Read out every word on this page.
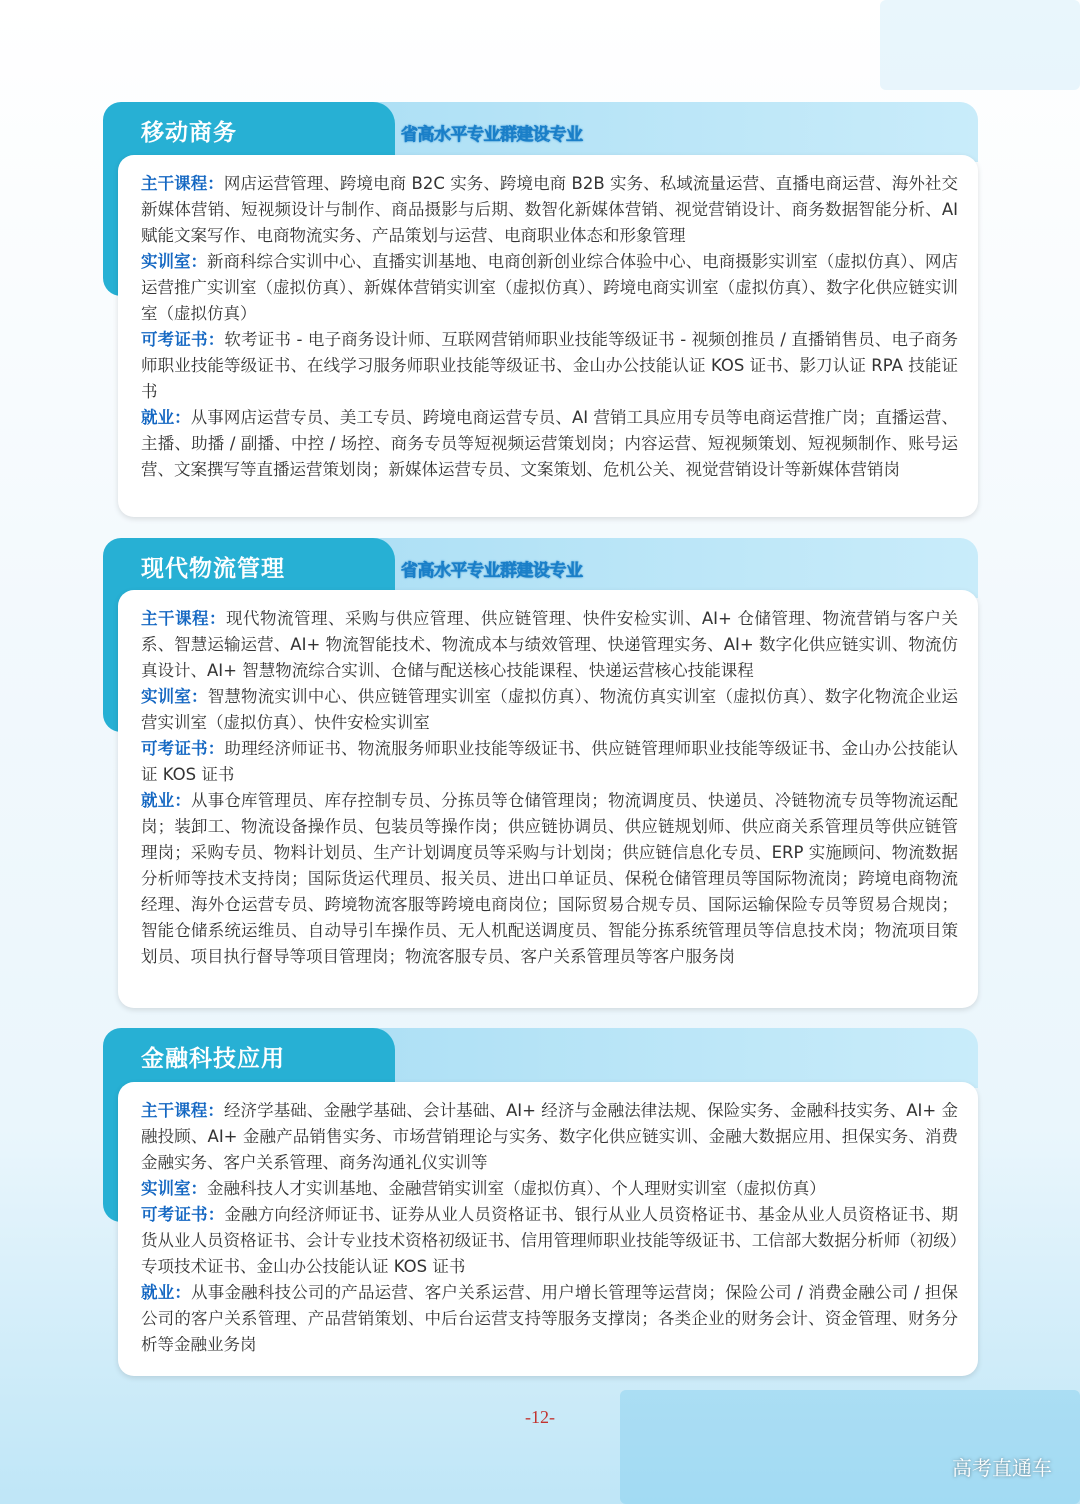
移动商务	省高水平专业群建设专业

主干课程：网店运营管理、跨境电商 B2C 实务、跨境电商 B2B 实务、私域流量运营、直播电商运营、海外社交新媒体营销、短视频设计与制作、商品摄影与后期、数智化新媒体营销、视觉营销设计、商务数据智能分析、AI 赋能文案写作、电商物流实务、产品策划与运营、电商职业体态和形象管理

实训室：新商科综合实训中心、直播实训基地、电商创新创业综合体验中心、电商摄影实训室（虚拟仿真）、网店运营推广实训室（虚拟仿真）、新媒体营销实训室（虚拟仿真）、跨境电商实训室（虚拟仿真）、数字化供应链实训室（虚拟仿真）

可考证书：软考证书 - 电子商务设计师、互联网营销师职业技能等级证书 - 视频创推员 / 直播销售员、电子商务师职业技能等级证书、在线学习服务师职业技能等级证书、金山办公技能认证 KOS 证书、影刀认证 RPA 技能证书

就业：从事网店运营专员、美工专员、跨境电商运营专员、AI 营销工具应用专员等电商运营推广岗；直播运营、主播、助播 / 副播、中控 / 场控、商务专员等短视频运营策划岗；内容运营、短视频策划、短视频制作、账号运营、文案撰写等直播运营策划岗；新媒体运营专员、文案策划、危机公关、视觉营销设计等新媒体营销岗

现代物流管理	省高水平专业群建设专业

主干课程：现代物流管理、采购与供应管理、供应链管理、快件安检实训、AI+ 仓储管理、物流营销与客户关系、智慧运输运营、AI+ 物流智能技术、物流成本与绩效管理、快递管理实务、AI+ 数字化供应链实训、物流仿真设计、AI+ 智慧物流综合实训、仓储与配送核心技能课程、快递运营核心技能课程

实训室：智慧物流实训中心、供应链管理实训室（虚拟仿真）、物流仿真实训室（虚拟仿真）、数字化物流企业运营实训室（虚拟仿真）、快件安检实训室

可考证书：助理经济师证书、物流服务师职业技能等级证书、供应链管理师职业技能等级证书、金山办公技能认证 KOS 证书

就业：从事仓库管理员、库存控制专员、分拣员等仓储管理岗；物流调度员、快递员、冷链物流专员等物流运配岗；装卸工、物流设备操作员、包装员等操作岗；供应链协调员、供应链规划师、供应商关系管理员等供应链管理岗；采购专员、物料计划员、生产计划调度员等采购与计划岗；供应链信息化专员、ERP 实施顾问、物流数据分析师等技术支持岗；国际货运代理员、报关员、进出口单证员、保税仓储管理员等国际物流岗；跨境电商物流经理、海外仓运营专员、跨境物流客服等跨境电商岗位；国际贸易合规专员、国际运输保险专员等贸易合规岗；智能仓储系统运维员、自动导引车操作员、无人机配送调度员、智能分拣系统管理员等信息技术岗；物流项目策划员、项目执行督导等项目管理岗；物流客服专员、客户关系管理员等客户服务岗

金融科技应用

主干课程：经济学基础、金融学基础、会计基础、AI+ 经济与金融法律法规、保险实务、金融科技实务、AI+ 金融投顾、AI+ 金融产品销售实务、市场营销理论与实务、数字化供应链实训、金融大数据应用、担保实务、消费金融实务、客户关系管理、商务沟通礼仪实训等

实训室：金融科技人才实训基地、金融营销实训室（虚拟仿真）、个人理财实训室（虚拟仿真）

可考证书：金融方向经济师证书、证券从业人员资格证书、银行从业人员资格证书、基金从业人员资格证书、期货从业人员资格证书、会计专业技术资格初级证书、信用管理师职业技能等级证书、工信部大数据分析师（初级）专项技术证书、金山办公技能认证 KOS 证书

就业：从事金融科技公司的产品运营、客户关系运营、用户增长管理等运营岗；保险公司 / 消费金融公司 / 担保公司的客户关系管理、产品营销策划、中后台运营支持等服务支撑岗；各类企业的财务会计、资金管理、财务分析等金融业务岗

-12-
高考直通车
